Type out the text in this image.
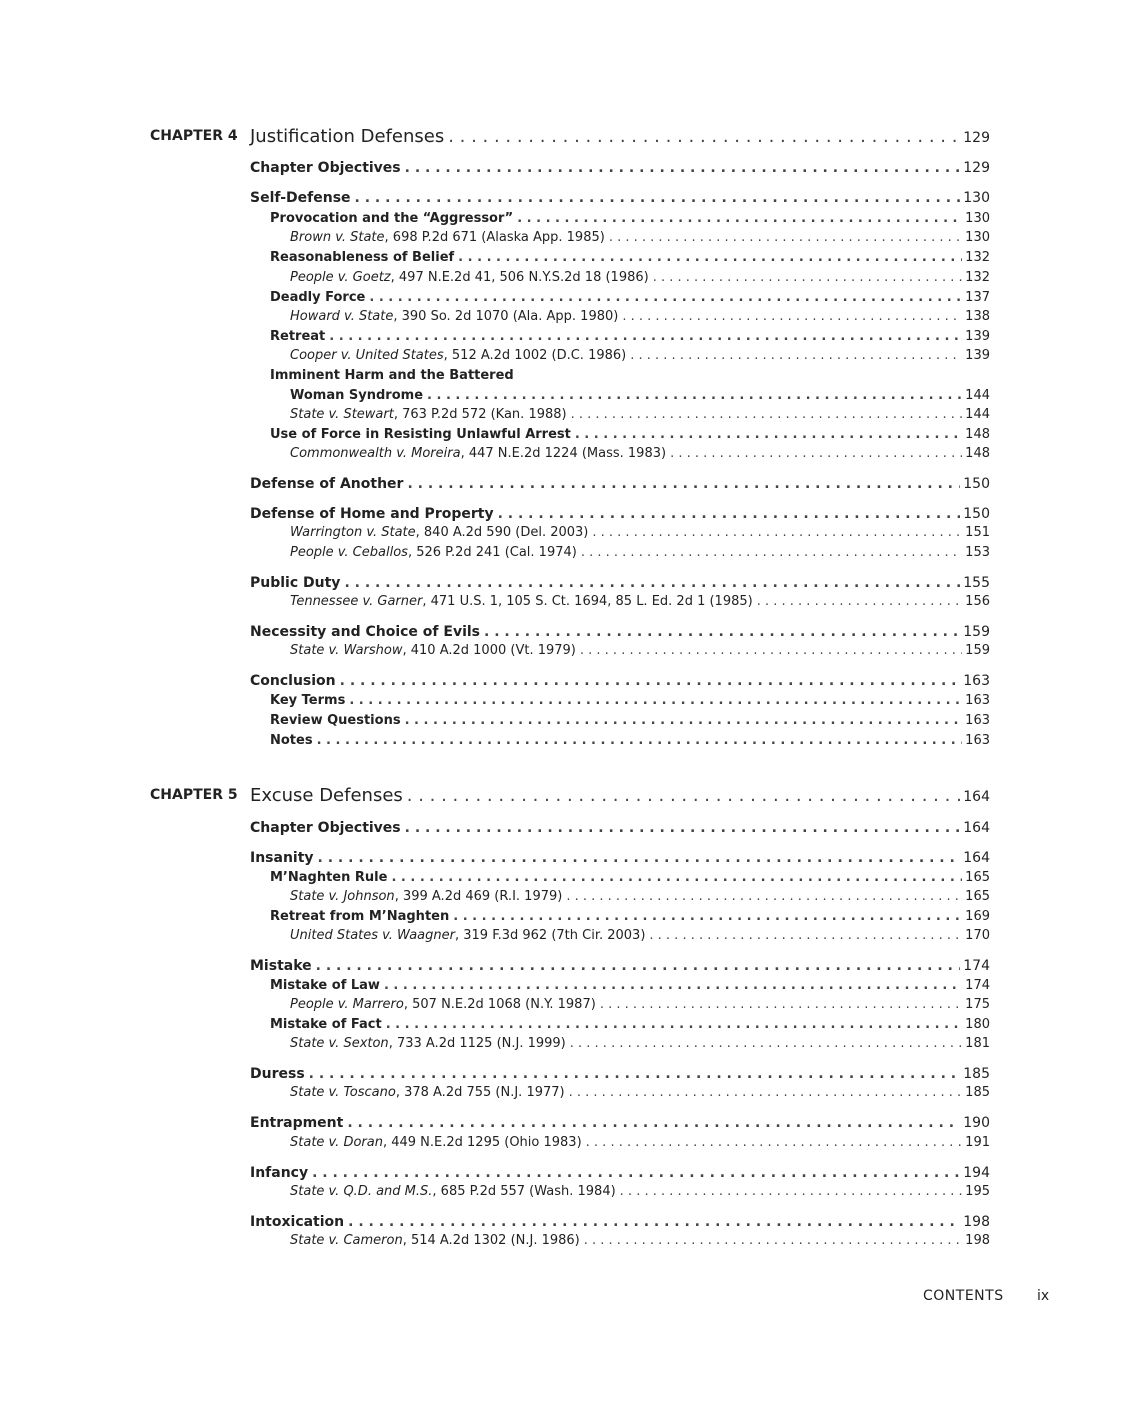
CHAPTER 4 Justification Defenses . . .	129
Chapter Objectives . . .	129
Self-Defense . . .	130
Provocation and the “Aggressor” . . .	130
Brown v. State, 698 P.2d 671 (Alaska App. 1985) . . .	130
Reasonableness of Belief . . .	132
People v. Goetz, 497 N.E.2d 41, 506 N.Y.S.2d 18 (1986) . . .	132
Deadly Force . . .	137
Howard v. State, 390 So. 2d 1070 (Ala. App. 1980) . . .	138
Retreat . . .	139
Cooper v. United States, 512 A.2d 1002 (D.C. 1986) . . .	139
Imminent Harm and the Battered
Woman Syndrome . . .	144
State v. Stewart, 763 P.2d 572 (Kan. 1988) . . .	144
Use of Force in Resisting Unlawful Arrest . . .	148
Commonwealth v. Moreira, 447 N.E.2d 1224 (Mass. 1983) . . .	148
Defense of Another . . .	150
Defense of Home and Property . . .	150
Warrington v. State, 840 A.2d 590 (Del. 2003) . . .	151
People v. Ceballos, 526 P.2d 241 (Cal. 1974) . . .	153
Public Duty . . .	155
Tennessee v. Garner, 471 U.S. 1, 105 S. Ct. 1694, 85 L. Ed. 2d 1 (1985) . . .	156
Necessity and Choice of Evils . . .	159
State v. Warshow, 410 A.2d 1000 (Vt. 1979) . . .	159
Conclusion . . .	163
Key Terms . . .	163
Review Questions . . .	163
Notes . . .	163
CHAPTER 5 Excuse Defenses . . .	164
Chapter Objectives . . .	164
Insanity . . .	164
M’Naghten Rule . . .	165
State v. Johnson, 399 A.2d 469 (R.I. 1979) . . .	165
Retreat from M’Naghten . . .	169
United States v. Waagner, 319 F.3d 962 (7th Cir. 2003) . . .	170
Mistake . . .	174
Mistake of Law . . .	174
People v. Marrero, 507 N.E.2d 1068 (N.Y. 1987) . . .	175
Mistake of Fact . . .	180
State v. Sexton, 733 A.2d 1125 (N.J. 1999) . . .	181
Duress . . .	185
State v. Toscano, 378 A.2d 755 (N.J. 1977) . . .	185
Entrapment . . .	190
State v. Doran, 449 N.E.2d 1295 (Ohio 1983) . . .	191
Infancy . . .	194
State v. Q.D. and M.S., 685 P.2d 557 (Wash. 1984) . . .	195
Intoxication . . .	198
State v. Cameron, 514 A.2d 1302 (N.J. 1986) . . .	198
CONTENTS ix
